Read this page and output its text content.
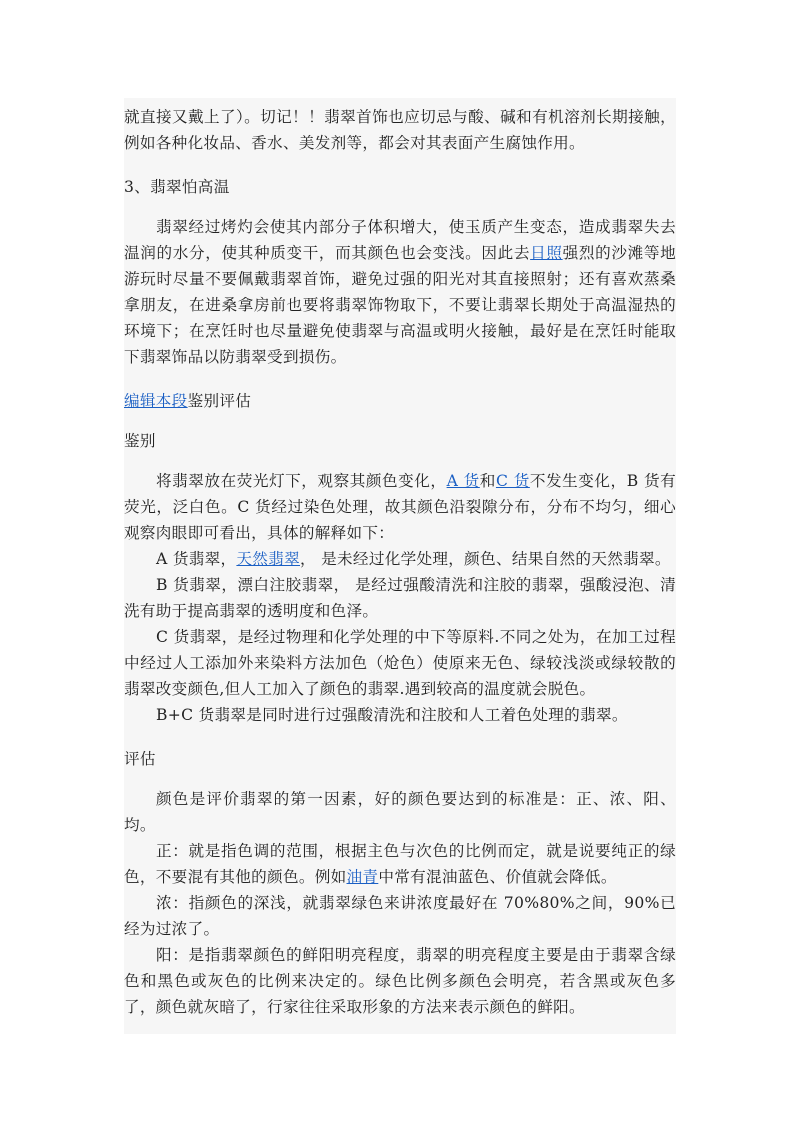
就直接又戴上了）。切记！！翡翠首饰也应切忌与酸、碱和有机溶剂长期接触，例如各种化妆品、香水、美发剂等，都会对其表面产生腐蚀作用。

3、翡翠怕高温

翡翠经过烤灼会使其内部分子体积增大，使玉质产生变态，造成翡翠失去温润的水分，使其种质变干，而其颜色也会变浅。因此去日照强烈的沙滩等地游玩时尽量不要佩戴翡翠首饰，避免过强的阳光对其直接照射；还有喜欢蒸桑拿朋友，在进桑拿房前也要将翡翠饰物取下，不要让翡翠长期处于高温湿热的环境下；在烹饪时也尽量避免使翡翠与高温或明火接触，最好是在烹饪时能取下翡翠饰品以防翡翠受到损伤。

编辑本段鉴别评估

鉴别

将翡翠放在荧光灯下，观察其颜色变化，A 货和C 货不发生变化，B 货有荧光，泛白色。C 货经过染色处理，故其颜色沿裂隙分布，分布不均匀，细心观察肉眼即可看出，具体的解释如下：

A 货翡翠，天然翡翠， 是未经过化学处理，颜色、结果自然的天然翡翠。

B 货翡翠，漂白注胶翡翠， 是经过强酸清洗和注胶的翡翠，强酸浸泡、清洗有助于提高翡翠的透明度和色泽。

C 货翡翠，是经过物理和化学处理的中下等原料.不同之处为，在加工过程中经过人工添加外来染料方法加色（炝色）使原来无色、绿较浅淡或绿较散的翡翠改变颜色,但人工加入了颜色的翡翠.遇到较高的温度就会脱色。

B+C 货翡翠是同时进行过强酸清洗和注胶和人工着色处理的翡翠。

评估

颜色是评价翡翠的第一因素，好的颜色要达到的标准是：正、浓、阳、均。

正：就是指色调的范围，根据主色与次色的比例而定，就是说要纯正的绿色，不要混有其他的颜色。例如油青中常有混油蓝色、价值就会降低。

浓：指颜色的深浅，就翡翠绿色来讲浓度最好在 70%80%之间，90%已经为过浓了。

阳：是指翡翠颜色的鲜阳明亮程度，翡翠的明亮程度主要是由于翡翠含绿色和黑色或灰色的比例来决定的。绿色比例多颜色会明亮，若含黑或灰色多了，颜色就灰暗了，行家往往采取形象的方法来表示颜色的鲜阳。
